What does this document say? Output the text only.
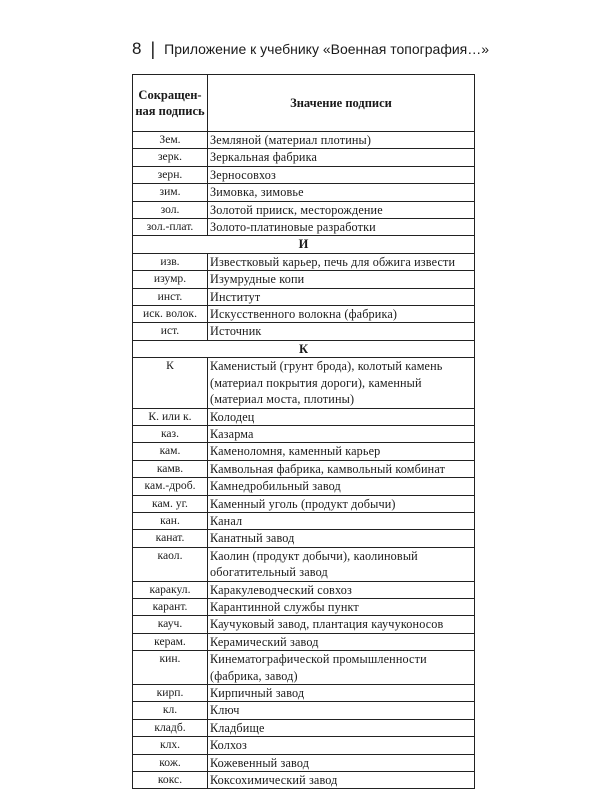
8 | Приложение к учебнику «Военная топография…»
Сокращен-ная подпись	Значение подписи
Зем.	Земляной (материал плотины)
зерк.	Зеркальная фабрика
зерн.	Зерносовхоз
зим.	Зимовка, зимовье
зол.	Золотой прииск, месторождение
зол.-плат.	Золото-платиновые разработки
И	
изв.	Известковый карьер, печь для обжига извести
изумр.	Изумрудные копи
инст.	Институт
иск. волок.	Искусственного волокна (фабрика)
ист.	Источник
К	
К	Каменистый (грунт брода), колотый камень (материал покрытия дороги), каменный (материал моста, плотины)
К. или к.	Колодец
каз.	Казарма
кам.	Каменоломня, каменный карьер
камв.	Камвольная фабрика, камвольный комбинат
кам.-дроб.	Камнедробильный завод
кам. уг.	Каменный уголь (продукт добычи)
кан.	Канал
канат.	Канатный завод
каол.	Каолин (продукт добычи), каолиновый обогатительный завод
каракул.	Каракулеводческий совхоз
карант.	Карантинной службы пункт
кауч.	Каучуковый завод, плантация каучуконосов
керам.	Керамический завод
кин.	Кинематографической промышленности (фабрика, завод)
кирп.	Кирпичный завод
кл.	Ключ
кладб.	Кладбище
клх.	Колхоз
кож.	Кожевенный завод
кокс.	Коксохимический завод
